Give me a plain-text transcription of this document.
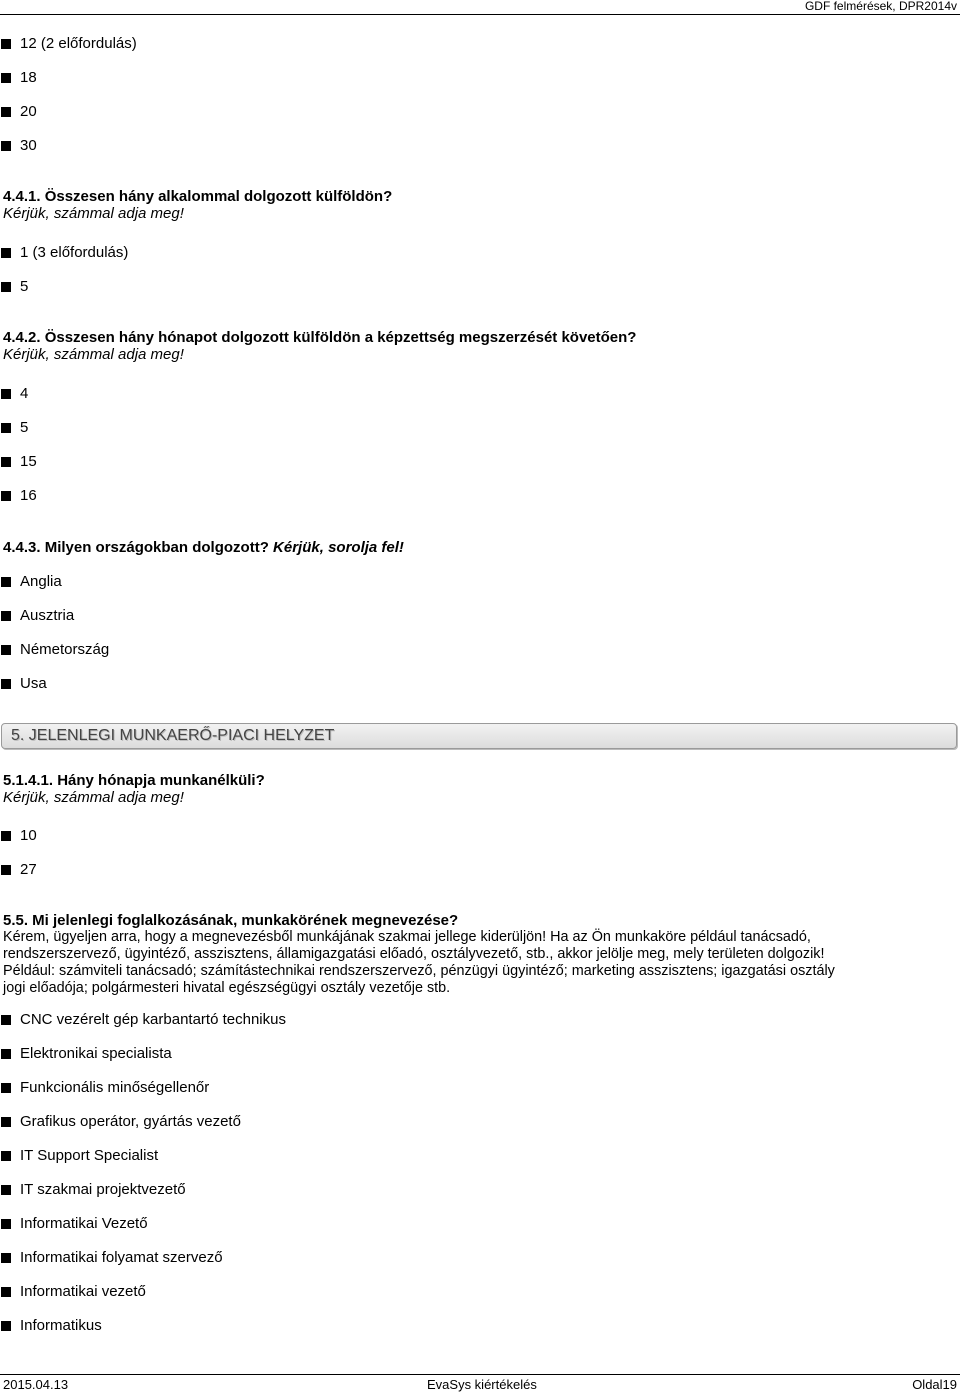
GDF felmérések, DPR2014v
12 (2 előfordulás)
18
20
30
4.4.1. Összesen hány alkalommal dolgozott külföldön?
Kérjük, számmal adja meg!
1 (3 előfordulás)
5
4.4.2. Összesen hány hónapot dolgozott külföldön a képzettség megszerzését követően?
Kérjük, számmal adja meg!
4
5
15
16
4.4.3. Milyen országokban dolgozott? Kérjük, sorolja fel!
Anglia
Ausztria
Németország
Usa
5. JELENLEGI MUNKAERŐ-PIACI HELYZET
5.1.4.1. Hány hónapja munkanélküli?
Kérjük, számmal adja meg!
10
27
5.5. Mi jelenlegi foglalkozásának, munkakörének megnevezése?
Kérem, ügyeljen arra, hogy a megnevezésből munkájának szakmai jellege kiderüljön! Ha az Ön munkaköre például tanácsadó,
rendszerszervező, ügyintéző, asszisztens, államigazgatási előadó, osztályvezető, stb., akkor jelölje meg, mely területen dolgozik!
Például: számviteli tanácsadó; számítástechnikai rendszerszervező, pénzügyi ügyintéző; marketing asszisztens; igazgatási osztály
jogi előadója; polgármesteri hivatal egészségügyi osztály vezetője stb.
CNC vezérelt gép karbantartó technikus
Elektronikai specialista
Funkcionális minőségellenőr
Grafikus operátor, gyártás vezető
IT Support Specialist
IT szakmai projektvezető
Informatikai Vezető
Informatikai folyamat szervező
Informatikai vezető
Informatikus
2015.04.13	EvaSys kiértékelés	Oldal19
